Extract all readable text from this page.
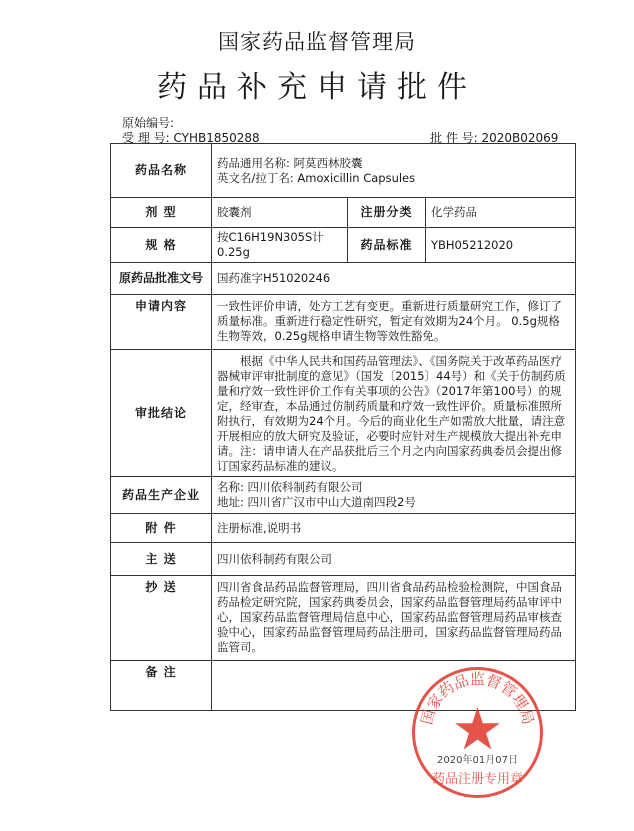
国家药品监督管理局
药品补充申请批件
原始编号:
受 理 号: CYHB1850288	批 件 号: 2020B02069
药品名称	药品通用名称: 阿莫西林胶囊
英文名/拉丁名: Amoxicillin Capsules		

剂 型	胶囊剂	注册分类	化学药品
规 格	按C16H19N305S计0.25g	药品标准	YBH05212020
原药品批准文号	国药准字H51020246		
申请内容	一致性评价申请，处方工艺有变更。重新进行质量研究工作，修订了质量标准。重新进行稳定性研究，暂定有效期为24个月。 0.5g规格生物等效，0.25g规格申请生物等效性豁免。		
审批结论	根据《中华人民共和国药品管理法》、《国务院关于改革药品医疗器械审评审批制度的意见》（国发〔2015〕44号）和《关于仿制药质量和疗效一致性评价工作有关事项的公告》（2017年第100号）的规定，经审查，本品通过仿制药质量和疗效一致性评价。质量标准照所附执行，有效期为24个月。今后的商业化生产如需放大批量，请注意开展相应的放大研究及验证，必要时应针对生产规模放大提出补充申请。注：请申请人在产品获批后三个月之内向国家药典委员会提出修订国家药品标准的建议。		
药品生产企业	名称: 四川依科制药有限公司
地址: 四川省广汉市中山大道南四段2号		

附 件	注册标准,说明书		
主 送	四川依科制药有限公司		
抄 送	四川省食品药品监督管理局，四川省食品药品检验检测院，中国食品药品检定研究院，国家药典委员会，国家药品监督管理局药品审评中心，国家药品监督管理局信息中心，国家药品监督管理局药品审核查验中心，国家药品监督管理局药品注册司，国家药品监督管理局药品监管司。		
备 注			
国家药品监督管理局
2020年01月07日
药品注册专用章
